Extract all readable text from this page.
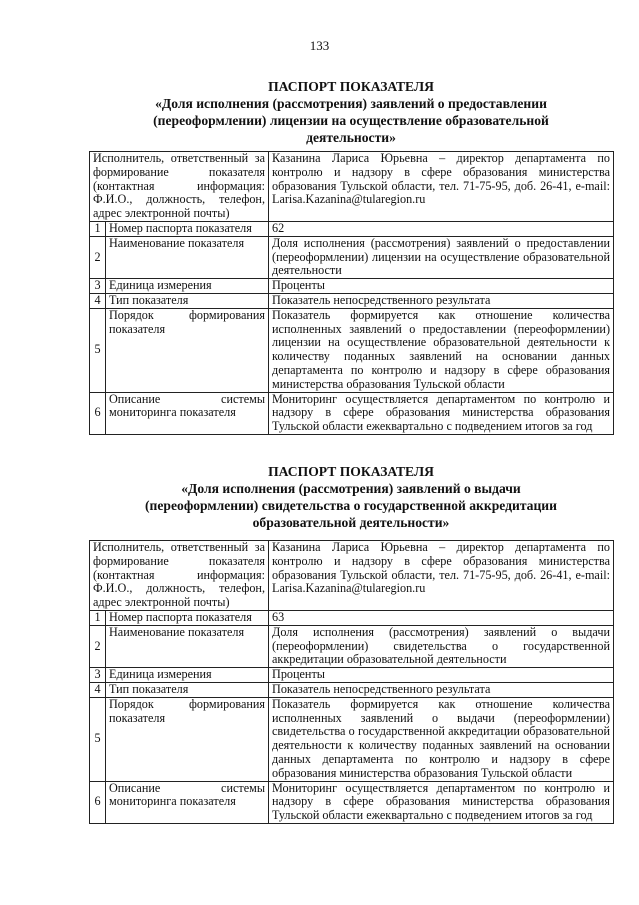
133
ПАСПОРТ ПОКАЗАТЕЛЯ
«Доля исполнения (рассмотрения) заявлений о предоставлении
(переоформлении) лицензии на осуществление образовательной
деятельности»
Исполнитель, ответственный за формирование показателя (контактная информация: Ф.И.О., должность, телефон, адрес электронной почты)		Казанина Лариса Юрьевна – директор департамента по контролю и надзору в сфере образования министерства образования Тульской области, тел. 71-75-95, доб. 26-41, e-mail: Larisa.Kazanina@tularegion.ru
1	Номер паспорта показателя	62
2	Наименование показателя	Доля исполнения (рассмотрения) заявлений о предоставлении (переоформлении) лицензии на осуществление образовательной деятельности
3	Единица измерения	Проценты
4	Тип показателя	Показатель непосредственного результата
5	Порядок формирования показателя	Показатель формируется как отношение количества исполненных заявлений о предоставлении (переоформлении) лицензии на осуществление образовательной деятельности к количеству поданных заявлений на основании данных департамента по контролю и надзору в сфере образования министерства образования Тульской области
6	Описание системы мониторинга показателя	Мониторинг осуществляется департаментом по контролю и надзору в сфере образования министерства образования Тульской области ежеквартально с подведением итогов за год
ПАСПОРТ ПОКАЗАТЕЛЯ
«Доля исполнения (рассмотрения) заявлений о выдачи
(переоформлении) свидетельства о государственной аккредитации
образовательной деятельности»
Исполнитель, ответственный за формирование показателя (контактная информация: Ф.И.О., должность, телефон, адрес электронной почты)		Казанина Лариса Юрьевна – директор департамента по контролю и надзору в сфере образования министерства образования Тульской области, тел. 71-75-95, доб. 26-41, e-mail: Larisa.Kazanina@tularegion.ru
1	Номер паспорта показателя	63
2	Наименование показателя	Доля исполнения (рассмотрения) заявлений о выдачи (переоформлении) свидетельства о государственной аккредитации образовательной деятельности
3	Единица измерения	Проценты
4	Тип показателя	Показатель непосредственного результата
5	Порядок формирования показателя	Показатель формируется как отношение количества исполненных заявлений о выдачи (переоформлении) свидетельства о государственной аккредитации образовательной деятельности к количеству поданных заявлений на основании данных департамента по контролю и надзору в сфере образования министерства образования Тульской области
6	Описание системы мониторинга показателя	Мониторинг осуществляется департаментом по контролю и надзору в сфере образования министерства образования Тульской области ежеквартально с подведением итогов за год
